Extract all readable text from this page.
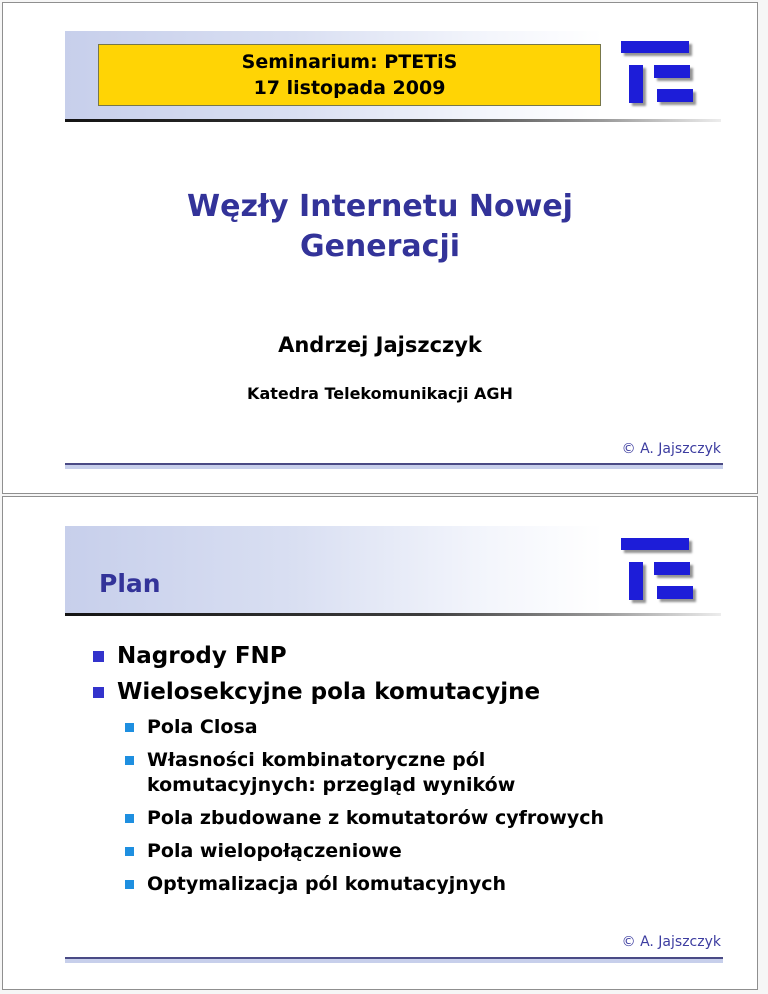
Seminarium: PTETiS
17 listopada 2009
Węzły Internetu Nowej
Generacji
Andrzej Jajszczyk
Katedra Telekomunikacji AGH
© A. Jajszczyk
Plan
Nagrody FNP
Wielosekcyjne pola komutacyjne
Pola Closa
Własności kombinatoryczne pól komutacyjnych: przegląd wyników
Pola zbudowane z komutatorów cyfrowych
Pola wielopołączeniowe
Optymalizacja pól komutacyjnych
© A. Jajszczyk
